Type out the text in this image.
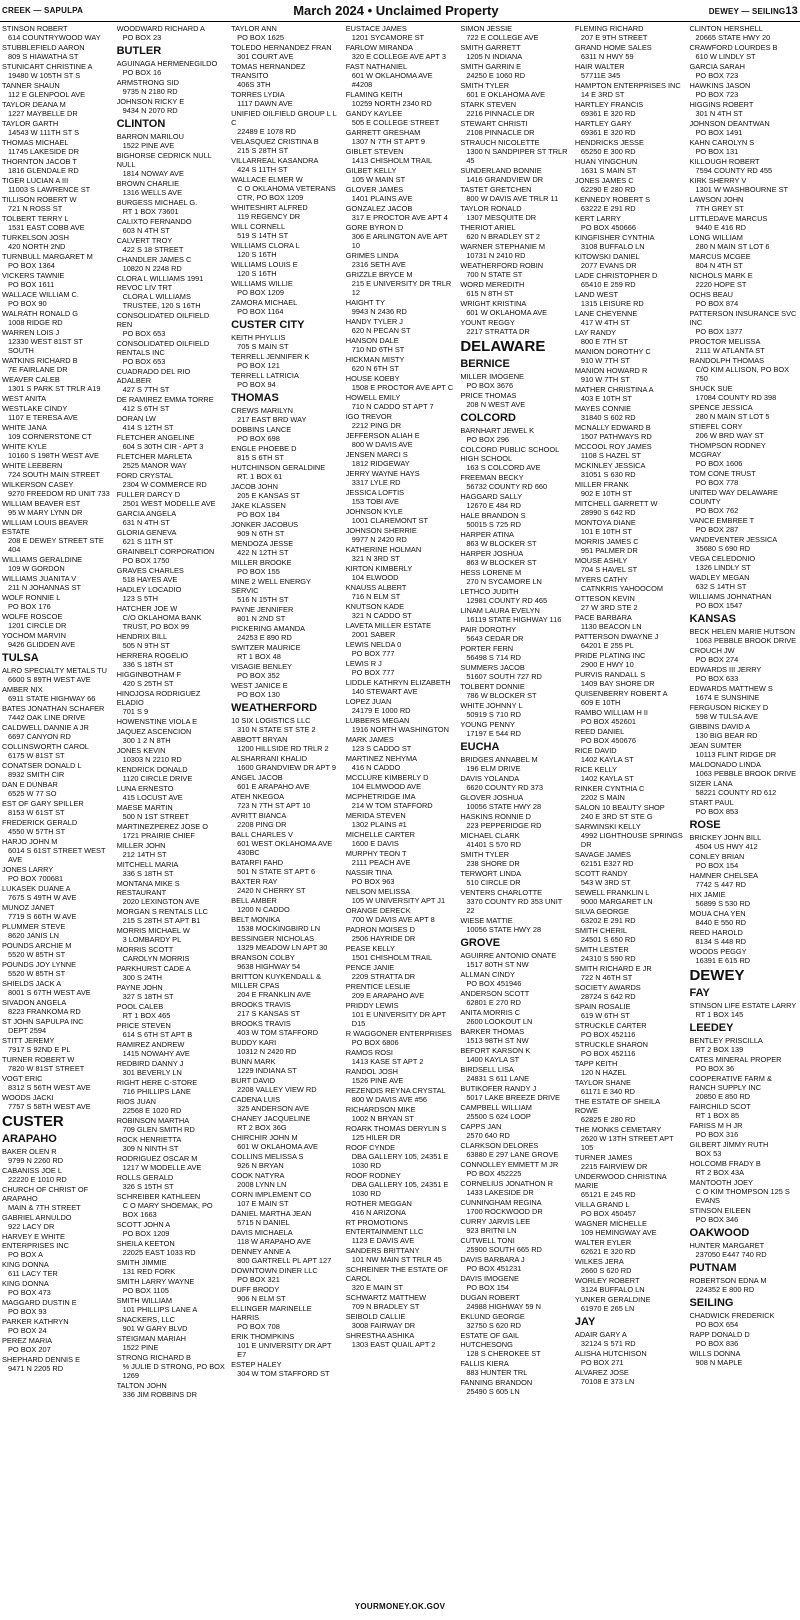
CREEK — SAPULPA	March 2024 • Unclaimed Property	DEWEY — SEILING13
STINSON ROBERT
614 COUNTRYWOOD WAY
STUBBLEFIELD AARON
809 S HIAWATHA ST
STUNICART CHRISTINE A
19480 W 105TH ST S
TANNER SHAUN
112 E GLENPOOL AVE
TAYLOR DEANA M
1227 MAYBELLE DR
TAYLOR GARTH
14543 W 111TH ST S
THOMAS MICHAEL
11745 LAKESIDE DR
THORNTON JACOB T
1816 GLENDALE RD
TIGER LUCIAN A III
11003 S LAWRENCE ST
TILLISON ROBERT W
721 N ROSS ST
TOLBERT TERRY L
1531 EAST COBB AVE
TURKELSON JOSH
420 NORTH 2ND
TURNBULL MARGARET M
PO BOX 1364
VICKERS TAWNIE
PO BOX 1611
WALLACE WILLIAM C.
PO BOX 90
WALRATH RONALD G
1008 RIDGE RD
WARREN LOIS J
12330 WEST 81ST ST SOUTH
WATKINS RICHARD B
7E FAIRLANE DR
WEAVER CALEB
1301 S PARK ST TRLR A19
WEST ANITA
WESTLAKE CINDY
1107 E TERESA AVE
WHITE JANA
109 CORNERSTONE CT
WHITE KYLE
10160 S 198TH WEST AVE
WHITE LEEBERN
724 SOUTH MAIN STREET
WILKERSON CASEY
9270 FREEDOM RD UNIT 733
WILLIAM BEAVER EST
95 W MARY LYNN DR
WILLIAM LOUIS BEAVER ESTATE
208 E DEWEY STREET STE 404
WILLIAMS GERALDINE
109 W GORDON
WILLIAMS JUANITA V
211 N JOHANNAS ST
WOLF RONNIE L
PO BOX 176
WOLFE ROSCOE
1201 CIRCLE DR
YOCHOM MARVIN
9426 GLIDDEN AVE
TULSA
ALRO SPECIALTY METALS TU
6600 S 89TH WEST AVE
AMBER NIX
6911 STATE HIGHWAY 66
BATES JONATHAN SCHAFER
7442 OAK LINE DRIVE
CALDWELL DANNIE A JR
6697 CANYON RD
COLLINSWORTH CAROL
6175 W 81ST ST
CONATSER DONALD L
8932 SMITH CIR
DAN E DUNBAR
6525 W 77 SO
EST OF GARY SPILLER
8153 W 61ST ST
FREDERICK GERALD
4550 W 57TH ST
HARJO JOHN M
6014 S 61ST STREET WEST AVE
JONES LARRY
PO BOX 700681
LUKASEK DUANE A
7675 S 49TH W AVE
MUNOZ JANET
7719 S 66TH W AVE
PLUMMER STEVE
8620 JANIS LN
POUNDS ARCHIE M
5520 W 85TH ST
POUNDS JOY LYNNE
5520 W 85TH ST
SHIELDS JACK A
8001 S 67TH WEST AVE
SIVADON ANGELA
8223 FRANKOMA RD
ST JOHN SAPULPA INC
DEPT 2594
STITT JEREMY
7917 S 92ND E PL
TURNER ROBERT W
7820 W 81ST STREET
VOGT ERIC
8312 S 56TH WEST AVE
WOODS JACKI
7757 S 58TH WEST AVE
CUSTER
ARAPAHO
BAKER OLEN R
9799 N 2260 RD
CABANISS JOE L
22220 E 1010 RD
CHURCH OF CHRIST OF ARAPAHO
MAIN & 7TH STREET
GABRIEL ARNULDO
922 LACY DR
HARVEY E WHITE ENTERPRISES INC
PO BOX A
KING DONNA
611 LACY TER
KING DONNA
PO BOX 473
MAGGARD DUSTIN E
PO BOX 93
PARKER KATHRYN
PO BOX 24
PEREZ MARIA
PO BOX 207
SHEPHARD DENNIS E
9471 N 2205 RD
WOODWARD RICHARD A
PO BOX 23
BUTLER
AGUINAGA HERMENEGILDO
PO BOX 16
ARMSTRONG SID
9735 N 2180 RD
JOHNSON RICKY E
9434 N 2070 RD
CLINTON
BARRON MARILOU
1522 PINE AVE
BIGHORSE CEDRICK NULL NULL
1814 NOWAY AVE
BROWN CHARLIE
1316 WELLS AVE
BURGESS MICHAEL G.
RT 1 BOX 73601
CALIXTO FERNANDO
603 N 4TH ST
CALVERT TROY
422 S 18 STREET
CHANDLER JAMES C
10820 N 2248 RD
CLORA L WILLIAMS 1991 REVOC LIV TRT
CLORA L WILLIAMS TRUSTEE, 120 S 16TH
CONSOLIDATED OILFIELD REN
PO BOX 653
CONSOLIDATED OILFIELD RENTALS INC
PO BOX 653
CUADRADO DEL RIO ADALBER
427 S 7TH ST
DE RAMIREZ EMMA TORRE
412 S 6TH ST
DORAN LW
414 S 12TH ST
FLETCHER ANGELINE
604 S 30TH CIR - APT 3
FLETCHER MARLETA
2525 MANOR WAY
FORD CRYSTAL
2304 W COMMERCE RD
FULLER DARCY D
2501 WEST MODELLE AVE
GARCIA ANGELA
631 N 4TH ST
GLORIA GENEVA
621 S 11TH ST
GRAINBELT CORPORATION
PO BOX 1750
GRAVES CHARLES
518 HAYES AVE
HADLEY LOCADIO
123 S 5TH
HATCHER JOE W
C/O OKLAHOMA BANK TRUST, PO BOX 99
HENDRIX BILL
505 N 9TH ST
HERRERA ROGELIO
336 S 18TH ST
HIGGINBOTHAM F
420 S 25TH ST
HINOJOSA RODRIGUEZ ELADIO
701 S 9
HOWENSTINE VIOLA E
JAQUEZ ASCENCION
300 1 2 N 8TH
JONES KEVIN
10303 N 2210 RD
KENDRICK DONALD
1120 CIRCLE DRIVE
LUNA ERNESTO
415 LOCUST AVE
MAESE MARTIN
500 N 1ST STREET
MARTINEZPEREZ JOSE O
1721 PRAIRIE CHIEF
MILLER JOHN
212 14TH ST
MITCHELL MARIA
336 S 18TH ST
MONTANA MIKE S RESTAURANT
2020 LEXINGTON AVE
MORGAN S RENTALS LLC
215 S 28TH ST APT B1
MORRIS MICHAEL W
3 LOMBARDY PL
MORRIS SCOTT
CAROLYN MORRIS
PARKHURST CADE A
300 S 24TH
PAYNE JOHN
327 S 18TH ST
POOL CALEB
RT 1 BOX 465
PRICE STEVEN
614 S 6TH ST APT B
RAMIREZ ANDREW
1415 NOWAHY AVE
REDBIRD DANNY J
301 BEVERLY LN
RIGHT HERE C-STORE
716 PHILLIPS LANE
RIOS JUAN
22568 E 1020 RD
ROBINSON MARTHA
709 GLEN SMITH RD
ROCK HENRIETTA
309 N NINTH ST
RODRIGUEZ OSCAR M
1217 W MODELLE AVE
ROLLS GERALD
326 S 15TH ST
SCHREIBER KATHLEEN
C O MARY SHOEMAK, PO BOX 1663
SCOTT JOHN A
PO BOX 1209
SHEILA KEETON
22025 EAST 1033 RD
SMITH JIMMIE
131 RED FORK
SMITH LARRY WAYNE
PO BOX 1105
SMITH WILLIAM
101 PHILLIPS LANE A
SNACKERS, LLC
901 W GARY BLVD
STEIGMAN MARIAH
1522 PINE
STRONG RICHARD B
% JULIE D STRONG, PO BOX 1269
TALTON JOHN
336 JIM ROBBINS DR
TAYLOR ANN
PO BOX 1625
TOLEDO HERNANDEZ FRAN
301 COURT AVE
TOMAS HERNANDEZ TRANSITO
406S 3TH
TORRES LYDIA
1117 DAWN AVE
UNIFIED OILFIELD GROUP L L C
22489 E 1078 RD
VELASQUEZ CRISTINA B
215 S 28TH ST
VILLARREAL KASANDRA
424 S 11TH ST
WALLACE ELMER W
C O OKLAHOMA VETERANS CTR, PO BOX 1209
WHITESHIRT ALFRED
119 REGENCY DR
WILL CORNELL
519 S 14TH ST
WILLIAMS CLORA L
120 S 16TH
WILLIAMS LOUIS E
120 S 16TH
WILLIAMS WILLIE
PO BOX 1209
ZAMORA MICHAEL
PO BOX 1164
CUSTER CITY
KEITH PHYLLIS
705 S MAIN ST
TERRELL JENNIFER K
PO BOX 121
TERRELL LATRICIA
PO BOX 94
THOMAS
CREWS MARILYN
217 EAST BRD WAY
DOBBINS LANCE
PO BOX 698
ENGLE PHOEBE D
815 S 6TH ST
HUTCHINSON GERALDINE
RT. 1 BOX 61
JACOB JOHN
205 E KANSAS ST
JAKE KLASSEN
PO BOX 184
JONKER JACOBUS
909 N 6TH ST
MENDOZA JESSE
422 N 12TH ST
MILLER BROOKE
PO BOX 155
MINE 2 WELL ENERGY SERVIC
516 N 15TH ST
PAYNE JENNIFER
801 N 2ND ST
PICKERING AMANDA
24253 E 890 RD
SWITZER MAURICE
RT 1 BOX 48
VISAGIE BENLEY
PO BOX 352
WEST JANICE E
PO BOX 130
WEATHERFORD
10 SIX LOGISTICS LLC
310 N STATE ST STE 2
ABBOTT BRYAN
1200 HILLSIDE RD TRLR 2
ALSHARRANI KHALID
1600 GRANDVIEW DR APT 9
ANGEL JACOB
601 E ARAPAHO AVE
ATEH NKEGOA
723 N 7TH ST APT 10
AVRITT BIANCA
2208 PING DR
BALL CHARLES V
601 WEST OKLAHOMA AVE 430BC
BATARFI FAHD
501 N STATE ST APT 6
BAXTER RAY
2420 N CHERRY ST
BELL AMBER
1200 N CADDO
BELT MONIKA
1538 MOCKINGBIRD LN
BESSINGER NICHOLAS
1329 MEADOW LN APT 30
BRANSON COLBY
9638 HIGHWAY 54
BRITTON KUYKENDALL & MILLER CPAS
204 E FRANKLIN AVE
BROOKS TRAVIS
217 S KANSAS ST
BROOKS TRAVIS
403 W TOM STAFFORD
BUDDY KARI
10312 N 2420 RD
BUNN MARK
1229 INDIANA ST
BURT DAVID
2208 VALLEY VIEW RD
CADENA LUIS
325 ANDERSON AVE
CHANEY JACQUELINE
RT 2 BOX 36G
CHIRCHIR JOHN M
601 W OKLAHOMA AVE
COLLINS MELISSA S
926 N BRYAN
COOK NATYRA
2008 LYNN LN
CORN IMPLEMENT CO
107 E MAIN ST
DANIEL MARTHA JEAN
5715 N DANIEL
DAVIS MICHAELA
118 W ARAPAHO AVE
DENNEY ANNE A
800 GARTRELL PL APT 127
DOWNTOWN DINER LLC
PO BOX 321
DUFF BRODY
906 N ELM ST
ELLINGER MARINELLE HARRIS
PO BOX 708
ERIK THOMPKINS
101 E UNIVERSITY DR APT E7
ESTEP HALEY
304 W TOM STAFFORD ST
EUSTACE JAMES
1201 SYCAMORE ST
FARLOW MIRANDA
320 E COLLEGE AVE APT 3
FAST NATHANIEL
601 W OKLAHOMA AVE #4208
FLAMING KEITH
10259 NORTH 2340 RD
GANDY KAYLEE
505 E COLLEGE STREET
GARRETT GRESHAM
1307 N 7TH ST APT 9
GIBLET STEVEN
1413 CHISHOLM TRAIL
GILBET KELLY
105 W MAIN ST
GLOVER JAMES
1401 PLAINS AVE
GONZALEZ JACOB
317 E PROCTOR AVE APT 4
GORE BYRON D
306 E ARLINGTON AVE APT 10
GRIMES LINDA
2316 SETH AVE
GRIZZLE BRYCE M
215 E UNIVERSITY DR TRLR 12
HAIGHT TY
9943 N 2436 RD
HANDY TYLER J
620 N PECAN ST
HANSON DALE
710 ND 6TH ST
HICKMAN MISTY
620 N 6TH ST
HOUSE KOEBY
1508 E PROCTOR AVE APT C
HOWELL EMILY
710 N CADDO ST APT 7
IGO TREVOR
2212 PING DR
JEFFERSON ALIAH E
800 W DAVIS AVE
JENSEN MARCI S
1812 RIDGEWAY
JERRY WAYNE HAYS
3317 LYLE RD
JESSICA LOFTIS
153 TOBI AVE
JOHNSON KYLE
1001 CLAREMONT ST
JOHNSON SHERRIE
9977 N 2420 RD
KATHERINE HOLMAN
321 N 3RD ST
KIRTON KIMBERLY
104 ELWOOD
KNAUSS ALBERT
716 N ELM ST
KNUTSON KADE
321 N CADDO ST
LAVETA MILLER ESTATE
2001 SABER
LEWIS NELDA 0
PO BOX 777
LEWIS R J
PO BOX 777
LIDDLE KATHRYN ELIZABETH
140 STEWART AVE
LOPEZ JUAN
24179 E 1000 RD
LUBBERS MEGAN
1916 NORTH WASHINGTON
MARK JAMES
123 S CADDO ST
MARTINEZ NEHYMA
416 N CADDO
MCCLURE KIMBERLY D
104 ELMWOOD AVE
MCPHETRIDGE IMA
214 W TOM STAFFORD
MERIDA STEVEN
1302 PLAINS #1
MICHELLE CARTER
1600 E DAVIS
MURPHY TEON T
2111 PEACH AVE
NASSIR TINA
PO BOX 963
NELSON MELISSA
105 W UNIVERSITY APT J1
ORANGE DERECK
700 W DAVIS AVE APT 8
PADRON MOISES D
2506 HAYRIDE DR
PEASE KELLY
1501 CHISHOLM TRAIL
PENCE JANIE
2209 STRATTA DR
PRENTICE LESLIE
209 E ARAPAHO AVE
PRIDDY LEWIS
101 E UNIVERSITY DR APT D15
R WAGGONER ENTERPRISES
PO BOX 6806
RAMOS ROSI
1413 KASE ST APT 2
RANDOL JOSH
1526 PINE AVE
REZENDIS REYNA CRYSTAL
800 W DAVIS AVE #56
RICHARDSON MIKE
1002 N BRYAN ST
ROARK THOMAS DERYLIN S
125 HILER DR
ROOF CYNDE
DBA GALLERY 105, 24351 E 1030 RD
ROOF RODNEY
DBA GALLERY 105, 24351 E 1030 RD
ROTHER MEGGAN
416 N ARIZONA
RT PROMOTIONS ENTERTAINMENT LLC
1123 E DAVIS AVE
SANDERS BRITTANY
101 NW MAIN ST TRLR 45
SCHREINER THE ESTATE OF CAROL
320 E MAIN ST
SCHWARTZ MATTHEW
709 N BRADLEY ST
SEIBOLD CALLIE
3008 FAIRWAY DR
SHRESTHA ASHIKA
1303 EAST QUAIL APT 2
SIMON JESSIE
722 E COLLEGE AVE
SMITH GARRETT
1205 N INDIANA
SMITH GARRIN E
24250 E 1060 RD
SMITH TYLER
601 E OKLAHOMA AVE
STARK STEVEN
2216 PINNACLE DR
STEWART CHRISTI
2108 PINNACLE DR
STRAUCH NICOLETTE
1300 N SANDPIPER ST TRLR 45
SUNDERLAND BONNIE
1416 GRANDVIEW DR
TASTET GRETCHEN
800 W DAVIS AVE TRLR 11
TAYLOR RONALD
1307 MESQUITE DR
THERIOT ARIEL
620 N BRADLEY ST 2
WARNER STEPHANIE M
10731 N 2410 RD
WEATHERFORD ROBIN
700 N STATE ST
WORD MEREDITH
615 N 8TH ST
WRIGHT KRISTINA
601 W OKLAHOMA AVE
YOUNT REGGY
2217 STRATTA DR
DELAWARE
BERNICE
MILLER IMOGENE
PO BOX 3676
PRICE THOMAS
208 N WEST AVE
COLCORD
BARNHART JEWEL K
PO BOX 296
COLCORD PUBLIC SCHOOL HIGH SCHOOL
163 S COLCORD AVE
FREEMAN BECKY
56732 COUNTY RD 660
HAGGARD SALLY
12670 E 484 RD
HALE BRANDON S
50015 S 725 RD
HARPER ATINA
863 W BLOCKER ST
HARPER JOSHUA
863 W BLOCKER ST
HESS LORENE M
270 N SYCAMORE LN
LETHCO JUDITH
12981 COUNTY RD 465
LINAM LAURA EVELYN
16119 STATE HIGHWAY 116
PAIR DOROTHY
5643 CEDAR DR
PORTER FERN
56498 S 714 RD
SUMMERS JACOB
51607 SOUTH 727 RD
TOLBERT DONNIE
786 W BLOCKER ST
WHITE JOHNNY L
50919 S 710 RD
YOUNG PENNY
17197 E 544 RD
EUCHA
BRIDGES ANNABEL M
196 ELM DRIVE
DAVIS YOLANDA
6620 COUNTY RD 373
GLOVER JOSHUA
10056 STATE HWY 28
HASKINS RONNIE D
223 PEPPERIDGE RD
MICHAEL CLARK
41401 S 570 RD
SMITH TYLER
238 SHORE DR
TERWORT LINDA
510 CIRCLE DR
VENTERS CHARLOTTE
3370 COUNTY RD 353 UNIT 22
WIESE MATTIE
10056 STATE HWY 28
GROVE
AGUIRRE ANTONIO ONATE
1517 80TH ST NW
ALLMAN CINDY
PO BOX 451946
ANDERSON SCOTT
62801 E 270 RD
ANITA MORRIS C
2600 LOOKOUT LN
BARKER THOMAS
1513 98TH ST NW
BEFORT KARSON K
1400 KAYLA ST
BIRDSELL LISA
24831 S 611 LANE
BUTIKOFER RANDY J
5017 LAKE BREEZE DRIVE
CAMPBELL WILLIAM
25500 S 624 LOOP
CAPPS JAN
2570 640 RD
CLARKSON DELORES
63880 E 297 LANE GROVE
CONNOLLEY EMMETT M JR
PO BOX 452225
CORNELIUS JONATHON R
1433 LAKESIDE DR
CUNNINGHAM REGINA
1700 ROCKWOOD DR
CURRY JARVIS LEE
923 BRITNI LN
CUTWELL TONI
25900 SOUTH 665 RD
DAVIS BARBARA J
PO BOX 451231
DAVIS IMOGENE
PO BOX 154
DUGAN ROBERT
24988 HIGHWAY 59 N
EKLUND GEORGE
32750 S 620 RD
ESTATE OF GAIL HUTCHESONG
128 S CHEROKEE ST
FALLIS KIERA
883 HUNTER TRL
FANNING BRANDON
25490 S 605 LN
FLEMING RICHARD
207 E 9TH STREET
GRAND HOME SALES
6311 N HWY 59
HAIR WALTER
57711E 345
HAMPTON ENTERPRISES INC
14 E 3RD ST
HARTLEY FRANCIS
69361 E 320 RD
HARTLEY GARY
69361 E 320 RD
HENDRICKS JESSE
65250 E 300 RD
HUAN YINGCHUN
1631 S MAIN ST
JONES JAMES C
62290 E 280 RD
KENNEDY ROBERT S
63222 E 291 RD
KERT LARRY
PO BOX 450666
KINGFISHER CYNTHIA
3108 BUFFALO LN
KITOWSKI DANIEL
2077 EVANS DR
LADE CHRISTOPHER D
65410 E 259 RD
LAND WEST
1315 LEISURE RD
LANE CHEYENNE
417 W 4TH ST
LAY RANDY
800 E 7TH ST
MANION DOROTHY C
910 W 7TH ST
MANION HOWARD R
910 W 7TH ST
MATHER CHRISTINA A
403 E 10TH ST
MAYES CONNIE
31840 S 602 RD
MCNALLY EDWARD B
1507 PATHWAYS RD
MCCOOL ROY JAMES
1108 S HAZEL ST
MCKINLEY JESSICA
31051 S 630 RD
MILLER FRANK
902 E 10TH ST
MITCHELL GARRETT W
28990 S 642 RD
MONTOYA DIANE
101 E 10TH ST
MORRIS JAMES C
951 PALMER DR
MOUSE ASHLY
704 S HAVEL ST
MYERS CATHY
CATNKRIS YAHOOCOM
OTTESON KEVIN
27 W 3RD STE 2
PACE BARBARA
1130 BEACON LN
PATTERSON DWAYNE J
64201 E 255 PL
PRIDE PLATING INC
2900 E HWY 10
PURVIS RANDALL S
1409 BAY SHORE DR
QUISENBERRY ROBERT A
609 E 10TH
RAMBO WILLIAM H II
PO BOX 452601
REED DANIEL
PO BOX 450676
RICE DAVID
1402 KAYLA ST
RICE KELLY
1402 KAYLA ST
RINKER CYNTHIA C
2202 S MAIN
SALON 10 BEAUTY SHOP
240 E 3RD ST STE G
SARWINSKI KELLY
4992 LIGHTHOUSE SPRINGS DR
SAVAGE JAMES
62151 E327 RD
SCOTT RANDY
543 W 3RD ST
SEWELL FRANKLIN L
9000 MARGARET LN
SILVA GEORGE
63202 E 291 RD
SMITH CHERIL
24501 S 650 RD
SMITH LESTER
24310 S 590 RD
SMITH RICHARD E JR
722 N 46TH ST
SOCIETY AWARDS
28724 S 642 RD
SPAIN ROSALIE
619 W 6TH ST
STRUCKLE CARTER
PO BOX 452116
STRUCKLE SHARON
PO BOX 452116
TAPP KEITH
120 N HAZEL
TAYLOR SHANE
61171 E 340 RD
THE ESTATE OF SHEILA ROWE
62825 E 280 RD
THE MONKS CEMETARY
2620 W 13TH STREET APT 105
TURNER JAMES
2215 FAIRVIEW DR
UNDERWOOD CHRISTINA MARIE
65121 E 245 RD
VILLA GRAND L
PO BOX 450457
WAGNER MICHELLE
109 HEMINGWAY AVE
WALTER EYLER
62621 E 320 RD
WILKES JERA
2660 S 620 RD
WORLEY ROBERT
3124 BUFFALO LN
YUNKER GERALDINE
61970 E 265 LN
JAY
ADAIR GARY A
32124 S 571 RD
ALISHA HUTCHISON
PO BOX 271
ALVAREZ JOSE
70108 E 373 LN
CLINTON HERSHELL
20665 STATE HWY 20
CRAWFORD LOURDES B
610 W LINDLY ST
GARCIA SARAH
PO BOX 723
HAWKINS JASON
PO BOX 723
HIGGINS ROBERT
301 N 4TH ST
JOHNSON DEANTWAN
PO BOX 1491
KAHN CAROLYN S
PO BOX 131
KILLOUGH ROBERT
7594 COUNTY RD 455
KIRK SHERRY V
1301 W WASHBOURNE ST
LAWSON JOHN
7TH GREY ST
LITTLEDAVE MARCUS
9440 E 416 RD
LONG WILLIAM
280 N MAIN ST LOT 6
MARCUS MCGEE
804 N 4TH ST
NICHOLS MARK E
2220 HOPE ST
OCHS BEAU
PO BOX 874
PATTERSON INSURANCE SVC INC
PO BOX 1377
PROCTOR MELISSA
2111 W ATLANTA ST
RANDOLPH THOMAS
C/O KIM ALLISON, PO BOX 750
SHUCK SUE
17084 COUNTY RD 398
SPENCE JESSICA
280 N MAIN ST LOT 5
STIEFEL CORY
206 W BRD WAY ST
THOMPSON RODNEY MCGRAY
PO BOX 1606
TOM CONE TRUST
PO BOX 778
UNITED WAY DELAWARE COUNTY
PO BOX 762
VANCE EMBREE T
PO BOX 287
VANDEVENTER JESSICA
35680 S 690 RD
VEGA CELEDONIO
1326 LINDLY ST
WADLEY MEGAN
632 S 14TH ST
WILLIAMS JOHNATHAN
PO BOX 1547
KANSAS
BECK HELEN MARIE HUTSON
1063 PEBBLE BROOK DRIVE
CROUCH JW
PO BOX 274
EDWARDS III JERRY
PO BOX 633
EDWARDS MATTHEW S
1674 E SUNSHINE
FERGUSON RICKEY D
598 W TULSA AVE
GIBBINS DAVID A
130 BIG BEAR RD
JEAN SUMTER
10113 FLINT RIDGE DR
MALDONADO LINDA
1063 PEBBLE BROOK DRIVE
SIZER LANA
58221 COUNTY RD 612
START PAUL
PO BOX 853
ROSE
BRICKEY JOHN BILL
4504 US HWY 412
CONLEY BRIAN
PO BOX 154
HAMNER CHELSEA
7742 S 447 RD
HIX JAMIE
56899 S 530 RD
MOUA CHA YEN
8440 E 550 RD
REED HAROLD
8134 S 448 RD
WOODS PEGGY
16391 E 615 RD
DEWEY
FAY
STINSON LIFE ESTATE LARRY
RT 1 BOX 145
LEEDEY
BENTLEY PRISCILLA
RT 2 BOX 139
CATES MINERAL PROPER
PO BOX 36
COOPERATIVE FARM & RANCH SUPPLY INC
20850 E 850 RD
FAIRCHILD SCOT
RT 1 BOX 85
FARISS M H JR
PO BOX 316
GILBERT JIMMY RUTH
BOX 53
HOLCOMB FRADY B
RT 2 BOX 43A
MANTOOTH JOEY
C O KIM THOMPSON 125 S EVANS
STINSON EILEEN
PO BOX 346
OAKWOOD
HUNTER MARGARET
237050 E447 740 RD
PUTNAM
ROBERTSON EDNA M
224352 E 800 RD
SEILING
CHADWICK FREDERICK
PO BOX 654
RAPP DONALD D
PO BOX 836
WILLS DONNA
908 N MAPLE
YOURMONEY.OK.GOV
